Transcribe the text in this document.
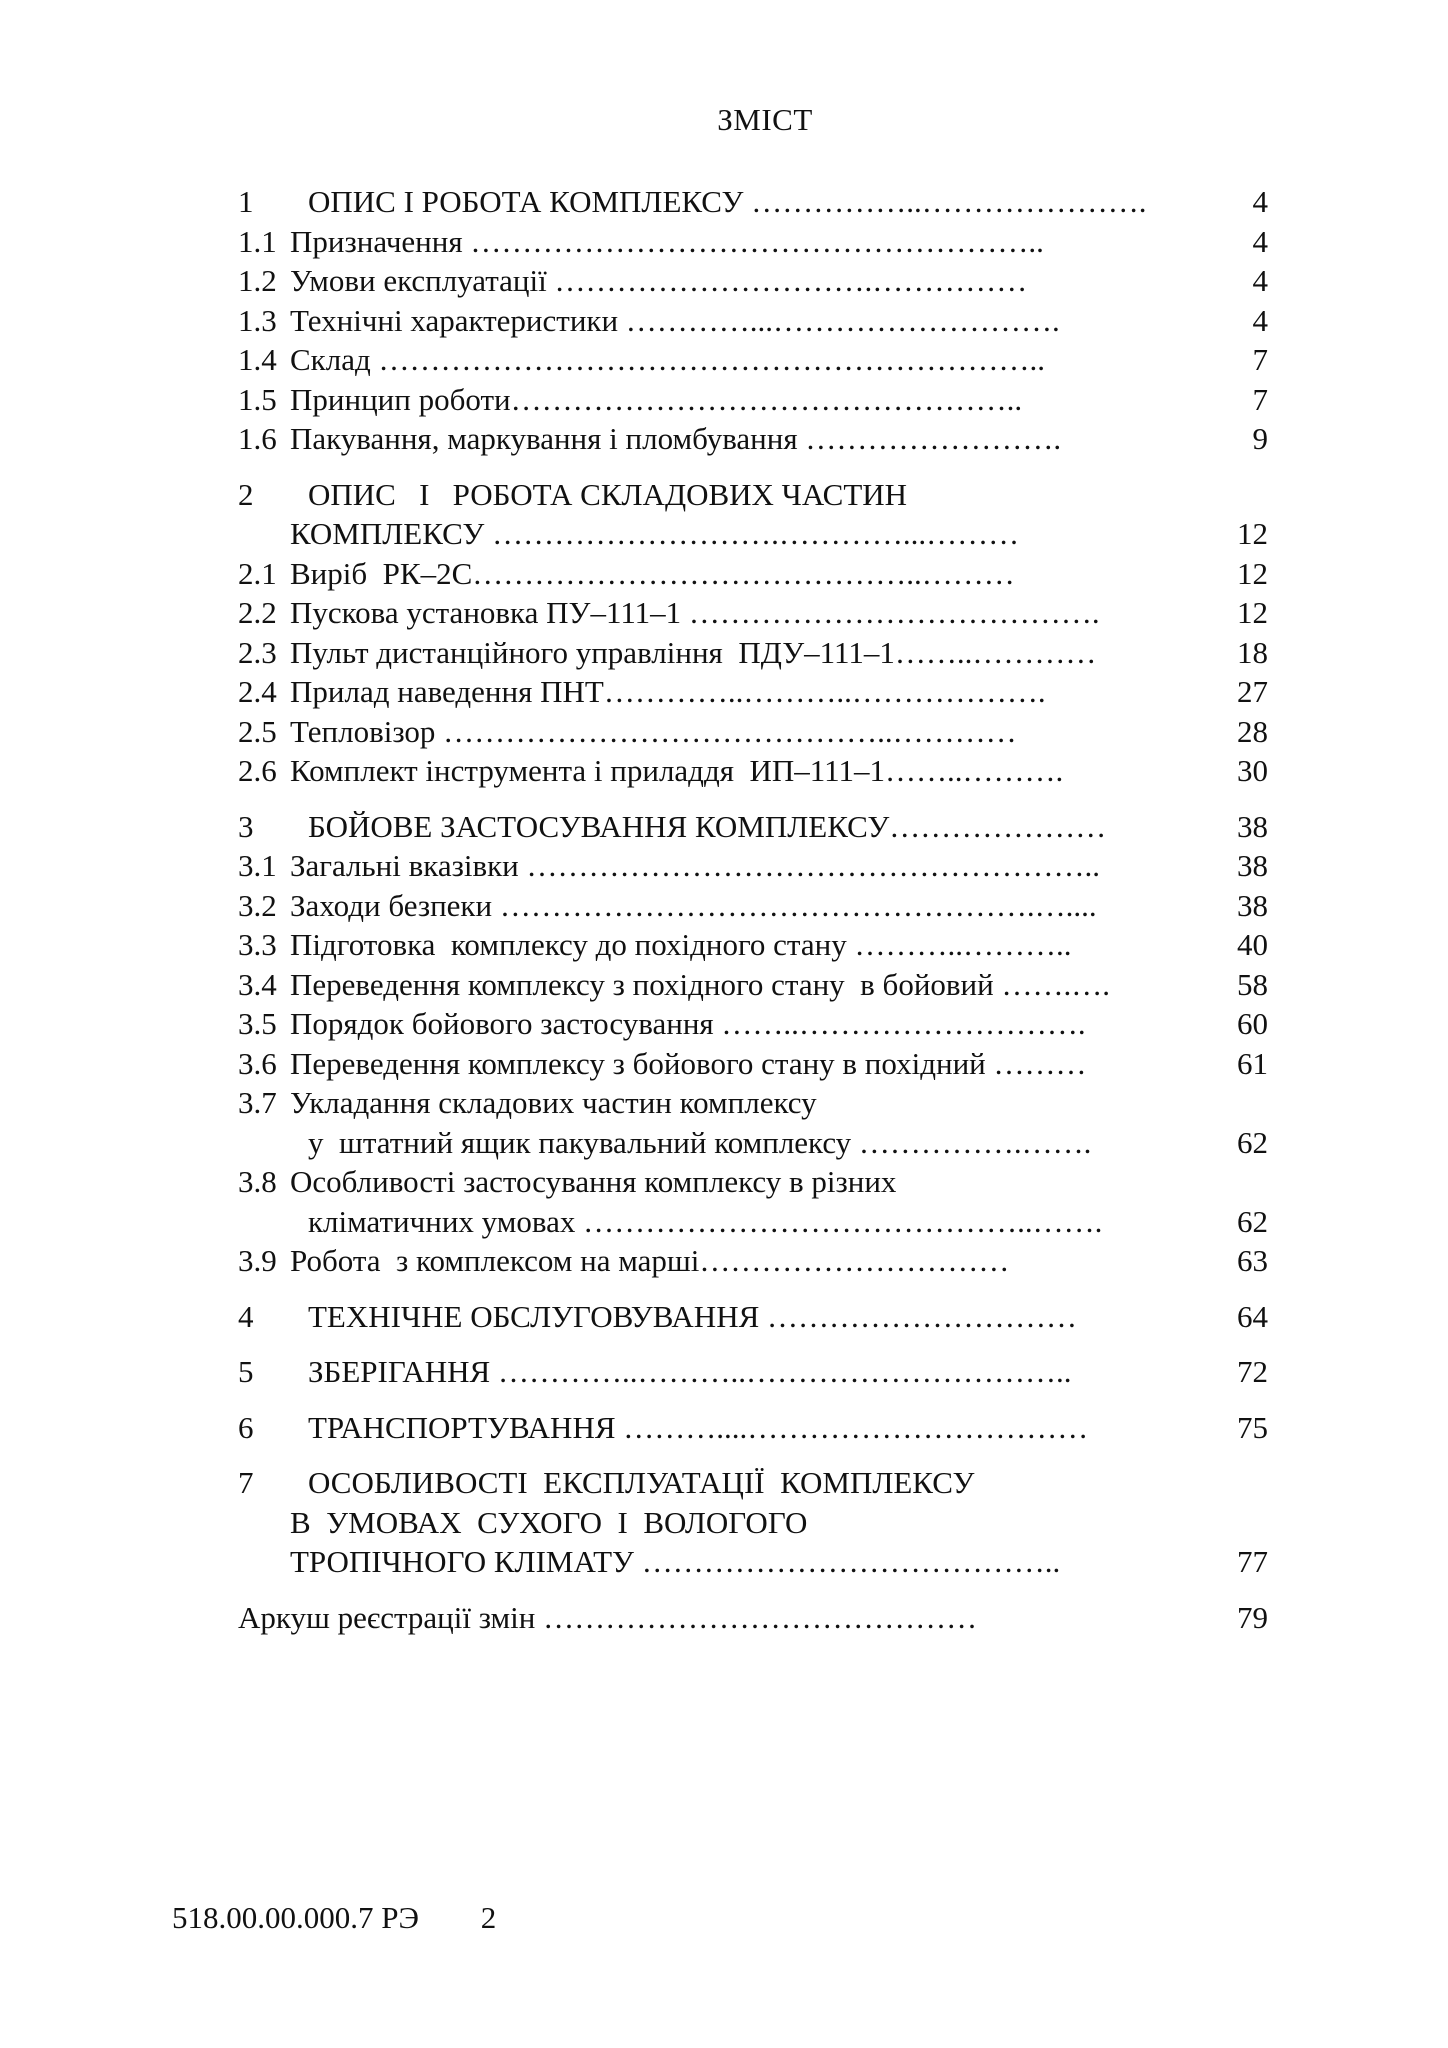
ЗМІСТ
1 ОПИС І РОБОТА КОМПЛЕКСУ ……………..………………….	4
1.1 Призначення ………………………………………………..	4
1.2 Умови експлуатації ………………………….……………	4
1.3 Технічні характеристики …………...……………………….	4
1.4 Склад ………………………………………………………..	7
1.5 Принцип роботи…………………………………………..	7
1.6 Пакування, маркування і пломбування …………………….	9
2 ОПИС   І   РОБОТА СКЛАДОВИХ ЧАСТИН
КОМПЛЕКСУ ……………………….…………...………	12
2.1 Виріб  РК–2С……………………………………..………	12
2.2 Пускова установка ПУ–111–1 ………………………………….	12
2.3 Пульт дистанційного управління  ПДУ–111–1……..…………	18
2.4 Прилад наведення ПНТ…………..………..……………….	27
2.5 Тепловізор ……………………………………..…………	28
2.6 Комплект інструмента і приладдя  ИП–111–1……..……….	30
3 БОЙОВЕ ЗАСТОСУВАННЯ КОМПЛЕКСУ…………………	38
3.1 Загальні вказівки ………………………………………………..	38
3.2 Заходи безпеки …………………………………………….…....	38
3.3 Підготовка  комплексу до похідного стану ………..………..	40
3.4 Переведення комплексу з похідного стану  в бойовий …….….	58
3.5 Порядок бойового застосування ……..……………………….	60
3.6 Переведення комплексу з бойового стану в похідний ………	61
3.7 Укладання складових частин комплексу
у  штатний ящик пакувальний комплексу …………….…….	62
3.8 Особливості застосування комплексу в різних
кліматичних умовах ……………………………………..…….	62
3.9 Робота  з комплексом на марші…………………………	63
4 ТЕХНІЧНЕ ОБСЛУГОВУВАННЯ …………………………	64
5 ЗБЕРІГАННЯ …………..………..…………………………..	72
6 ТРАНСПОРТУВАННЯ ………....……………………………	75
7 ОСОБЛИВОСТІ  ЕКСПЛУАТАЦІЇ  КОМПЛЕКСУ
В  УМОВАХ  СУХОГО  І  ВОЛОГОГО
ТРОПІЧНОГО КЛІМАТУ …………………………………..	77
Аркуш реєстрації змін ……………………………………	79
518.00.00.000.7 РЭ 2
